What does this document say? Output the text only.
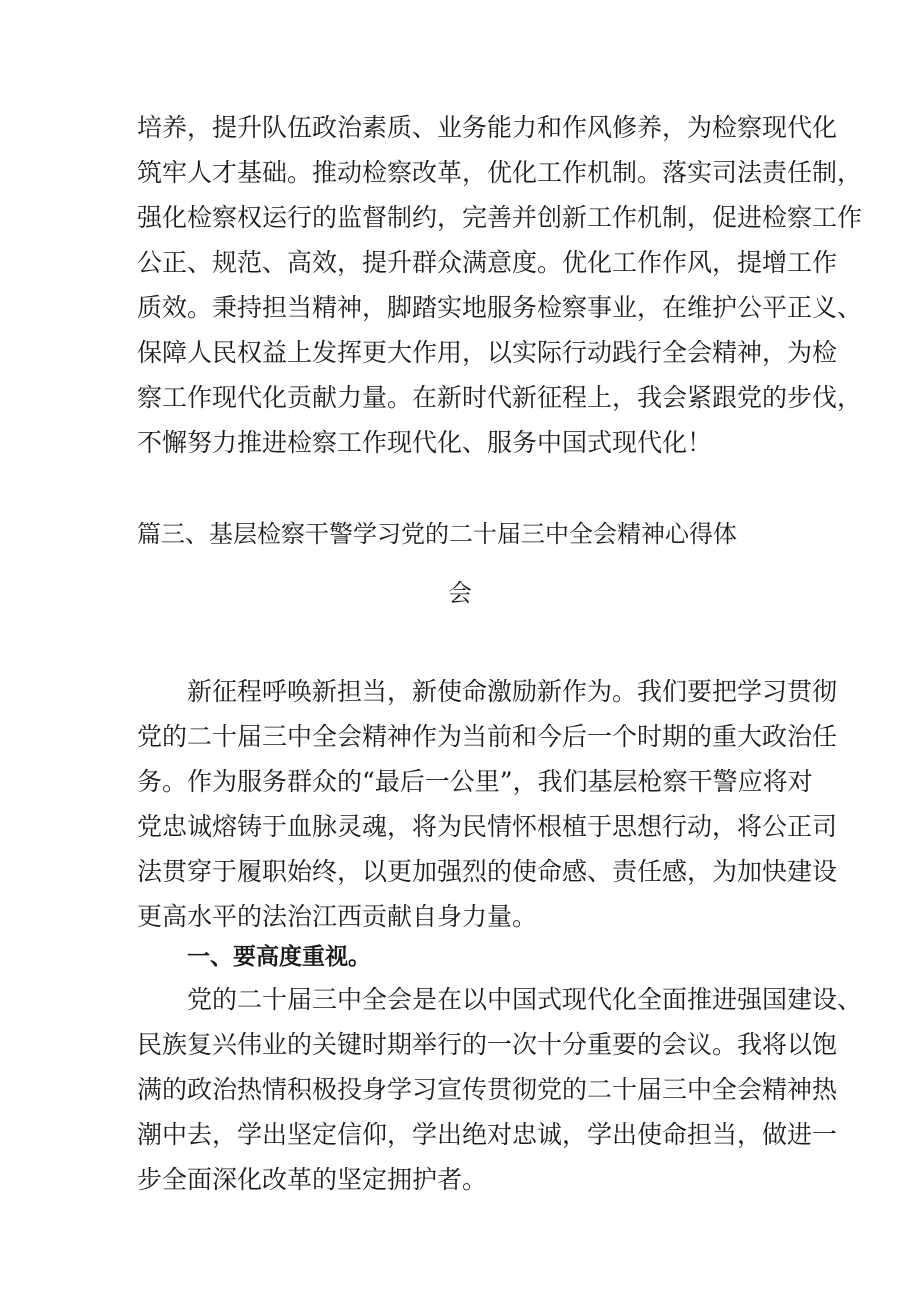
培养，提升队伍政治素质、业务能力和作风修养，为检察现代化

筑牢人才基础。推动检察改革，优化工作机制。落实司法责任制，

强化检察权运行的监督制约，完善并创新工作机制，促进检察工作

公正、规范、高效，提升群众满意度。优化工作作风，提增工作

质效。秉持担当精神，脚踏实地服务检察事业，在维护公平正义、

保障人民权益上发挥更大作用，以实际行动践行全会精神，为检

察工作现代化贡献力量。在新时代新征程上，我会紧跟党的步伐，

不懈努力推进检察工作现代化、服务中国式现代化！

篇三、基层检察干警学习党的二十届三中全会精神心得体
会

新征程呼唤新担当，新使命激励新作为。我们要把学习贯彻

党的二十届三中全会精神作为当前和今后一个时期的重大政治任

务。作为服务群众的“最后一公里”，我们基层枪察干警应将对

党忠诚熔铸于血脉灵魂，将为民情怀根植于思想行动，将公正司

法贯穿于履职始终，以更加强烈的使命感、责任感，为加快建设

更高水平的法治江西贡献自身力量。

一、要高度重视。

党的二十届三中全会是在以中国式现代化全面推进强国建设、

民族复兴伟业的关键时期举行的一次十分重要的会议。我将以饱

满的政治热情积极投身学习宣传贯彻党的二十届三中全会精神热

潮中去，学出坚定信仰，学出绝对忠诚，学出使命担当，做进一

步全面深化改革的坚定拥护者。
